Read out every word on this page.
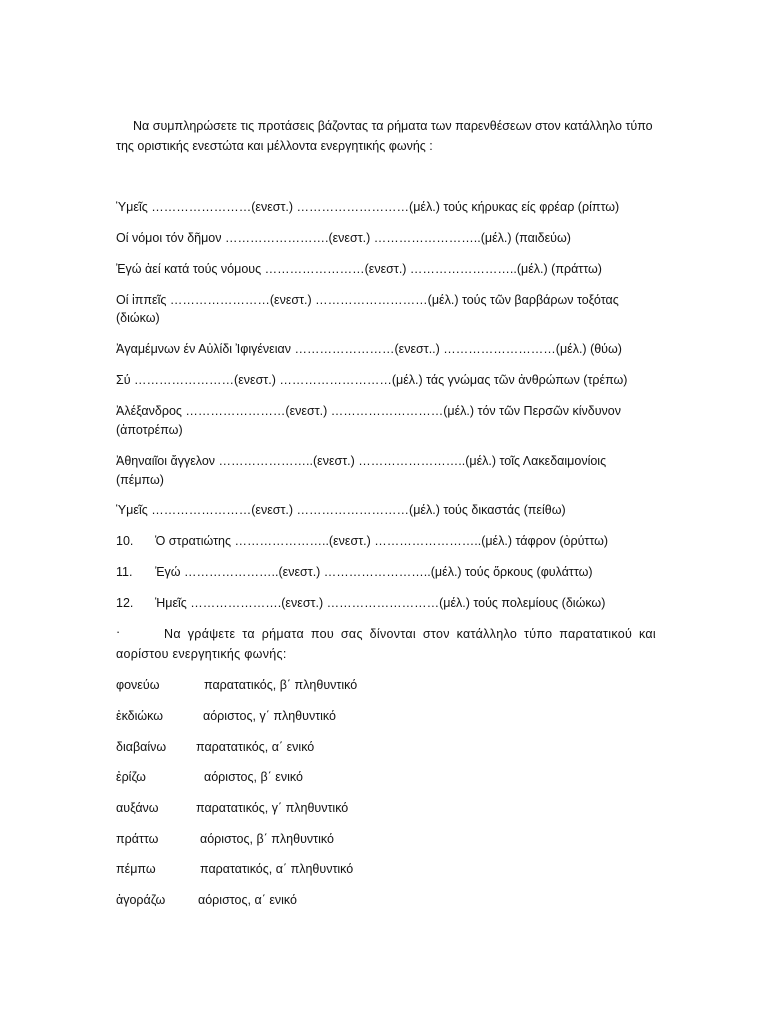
Να συμπληρώσετε τις προτάσεις βάζοντας τα ρήματα των παρενθέσεων στον κατάλληλο τύπο της οριστικής ενεστώτα και μέλλοντα ενεργητικής φωνής :
Ὑμεῖς ……………………(ενεστ.) ………………………(μέλ.) τούς κήρυκας είς φρέαρ (ρίπτω)
Οί νόμοι τόν δῆμον …………………….(ενεστ.) ……………………..(μέλ.) (παιδεύω)
Ἐγώ ἀεί κατά τούς νόμους ……………………(ενεστ.) ……………………..(μέλ.) (πράττω)
Οί ἱππεῖς ……………………(ενεστ.) ………………………(μέλ.) τούς τῶν βαρβάρων τοξότας
(διώκω)
Ἀγαμέμνων έν Αὐλίδι Ἰφιγένειαν ……………………(ενεστ..) ………………………(μέλ.) (θύω)
Σύ ……………………(ενεστ.) ………………………(μέλ.) τάς γνώμας τῶν ἀνθρώπων (τρέπω)
Ἀλέξανδρος ……………………(ενεστ.) ………………………(μέλ.) τόν τῶν Περσῶν κίνδυνον
(ἀποτρέπω)
Ἀθηναιῖοι ἄγγελον …………………..(ενεστ.) ……………………..(μέλ.) τοῖς Λακεδαιμονίοις
(πέμπω)
Ὑμεῖς ……………………(ενεστ.) ………………………(μέλ.) τούς δικαστάς (πείθω)
10. Ὁ στρατιώτης …………………..(ενεστ.) ……………………..(μέλ.) τάφρον (ὀρύττω)
11. Ἐγώ …………………..(ενεστ.) ……………………..(μέλ.) τούς ὅρκους (φυλάττω)
12. Ἡμεῖς ………………….(ενεστ.) ………………………(μέλ.) τούς πολεμίους (διώκω)
·	Να γράψετε τα ρήματα που σας δίνονται στον κατάλληλο τύπο παρατατικού και αορίστου ενεργητικής φωνής:
φονεύω	παρατατικός, β΄ πληθυντικό
ἐκδιώκω	αόριστος, γ΄ πληθυντικό
διαβαίνω παρατατικός, α΄ ενικό
ἐρίζω	αόριστος, β΄ ενικό
αυξάνω	παρατατικός, γ΄ πληθυντικό
πράττω	αόριστος, β΄ πληθυντικό
πέμπω	παρατατικός, α΄ πληθυντικό
ἀγοράζω	αόριστος, α΄ ενικό
